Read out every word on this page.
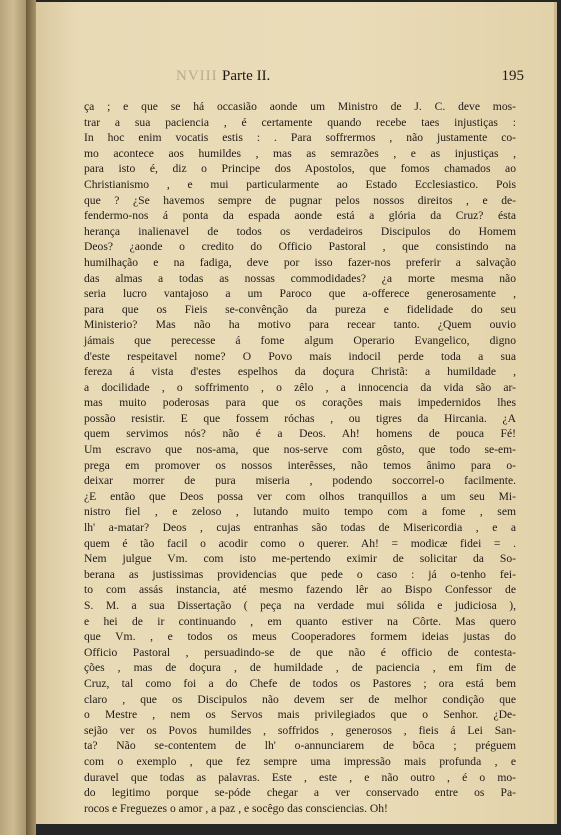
NVIII Parte II.	195
ça ; e que se há occasião aonde um Ministro de J. C. deve mos-
trar a sua paciencia , é certamente quando recebe taes injustiças :
In hoc enim vocatis estis : . Para soffrermos , não justamente co-
mo acontece aos humildes , mas as semrazões , e as injustiças ,
para isto é, diz o Principe dos Apostolos, que fomos chamados ao
Christianismo , e mui particularmente ao Estado Ecclesiastico. Pois
que ? ¿Se havemos sempre de pugnar pelos nossos direitos , e de-
fendermo-nos á ponta da espada aonde está a glória da Cruz? ésta
herança inalienavel de todos os verdadeiros Discipulos do Homem
Deos? ¿aonde o credito do Officio Pastoral , que consistindo na
humilhação e na fadiga, deve por isso fazer-nos preferir a salvação
das almas a todas as nossas commodidades? ¿a morte mesma não
seria lucro vantajoso a um Paroco que a-offerece generosamente ,
para que os Fieis se-convênção da pureza e fidelidade do seu
Ministerio? Mas não ha motivo para recear tanto. ¿Quem ouvio
jámais que perecesse á fome algum Operario Evangelico, digno
d'este respeitavel nome? O Povo mais indocil perde toda a sua
fereza á vista d'estes espelhos da doçura Christã: a humildade ,
a docilidade , o soffrimento , o zêlo , a innocencia da vida são ar-
mas muito poderosas para que os corações mais impedernidos lhes
possão resistir. E que fossem róchas , ou tigres da Hircania. ¿A
quem servimos nós? não é a Deos. Ah! homens de pouca Fé!
Um escravo que nos-ama, que nos-serve com gôsto, que todo se-em-
prega em promover os nossos interêsses, não temos ânimo para o-
deixar morrer de pura miseria , podendo soccorrel-o facilmente.
¿E então que Deos possa ver com olhos tranquillos a um seu Mi-
nistro fiel , e zeloso , lutando muito tempo com a fome , sem
lh' a-matar? Deos , cujas entranhas são todas de Misericordia , e a
quem é tão facil o acodir como o querer. Ah! = modicæ fidei = .
Nem julgue Vm. com isto me-pertendo eximir de solicitar da So-
berana as justissimas providencias que pede o caso : já o-tenho fei-
to com assás instancia, até mesmo fazendo lêr ao Bispo Confessor de
S. M. a sua Dissertação ( peça na verdade mui sólida e judiciosa ),
e hei de ir continuando , em quanto estiver na Côrte. Mas quero
que Vm. , e todos os meus Cooperadores formem ideias justas do
Officio Pastoral , persuadindo-se de que não é officio de contesta-
ções , mas de doçura , de humildade , de paciencia , em fim de
Cruz, tal como foi a do Chefe de todos os Pastores ; ora está bem
claro , que os Discipulos não devem ser de melhor condição que
o Mestre , nem os Servos mais privilegiados que o Senhor. ¿De-
sejão ver os Povos humildes , soffridos , generosos , fieis á Lei San-
ta? Não se-contentem de lh' o-annunciarem de bôca ; préguem
com o exemplo , que fez sempre uma impressão mais profunda , e
duravel que todas as palavras. Este , este , e não outro , é o mo-
do legitimo porque se-póde chegar a ver conservado entre os Pa-
rocos e Freguezes o amor , a paz , e socêgo das consciencias. Oh!
